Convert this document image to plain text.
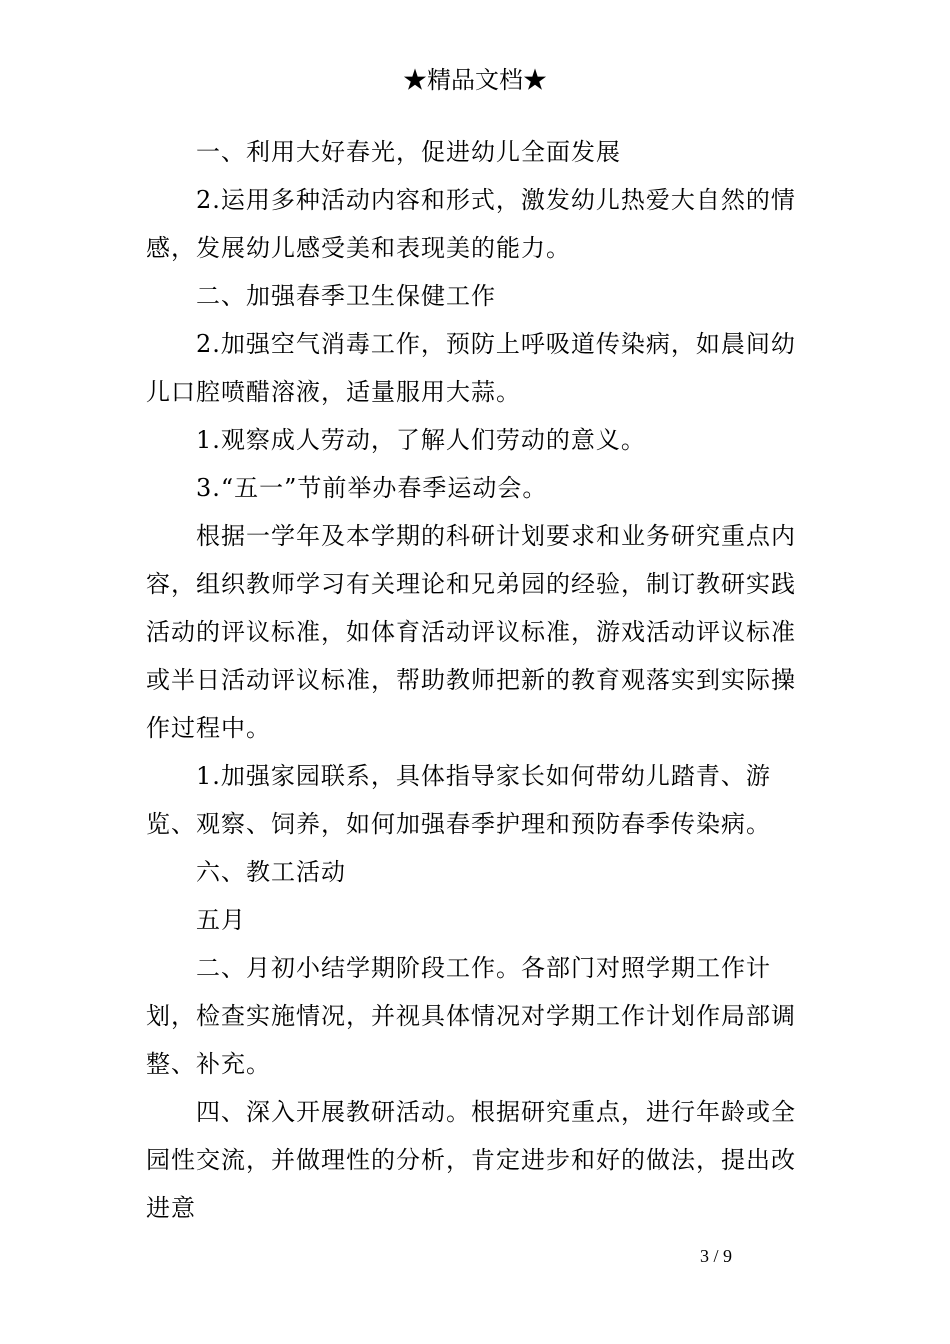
★精品文档★

一、利用大好春光，促进幼儿全面发展

2.运用多种活动内容和形式，激发幼儿热爱大自然的情感，发展幼儿感受美和表现美的能力。

二、加强春季卫生保健工作

2.加强空气消毒工作，预防上呼吸道传染病，如晨间幼儿口腔喷醋溶液，适量服用大蒜。

1.观察成人劳动，了解人们劳动的意义。

3.“五一”节前举办春季运动会。

根据一学年及本学期的科研计划要求和业务研究重点内容，组织教师学习有关理论和兄弟园的经验，制订教研实践活动的评议标准，如体育活动评议标准，游戏活动评议标准或半日活动评议标准，帮助教师把新的教育观落实到实际操作过程中。

1.加强家园联系，具体指导家长如何带幼儿踏青、游览、观察、饲养，如何加强春季护理和预防春季传染病。

六、教工活动

五月

二、月初小结学期阶段工作。各部门对照学期工作计划，检查实施情况，并视具体情况对学期工作计划作局部调整、补充。

四、深入开展教研活动。根据研究重点，进行年龄或全园性交流，并做理性的分析，肯定进步和好的做法，提出改进意

3 / 9
